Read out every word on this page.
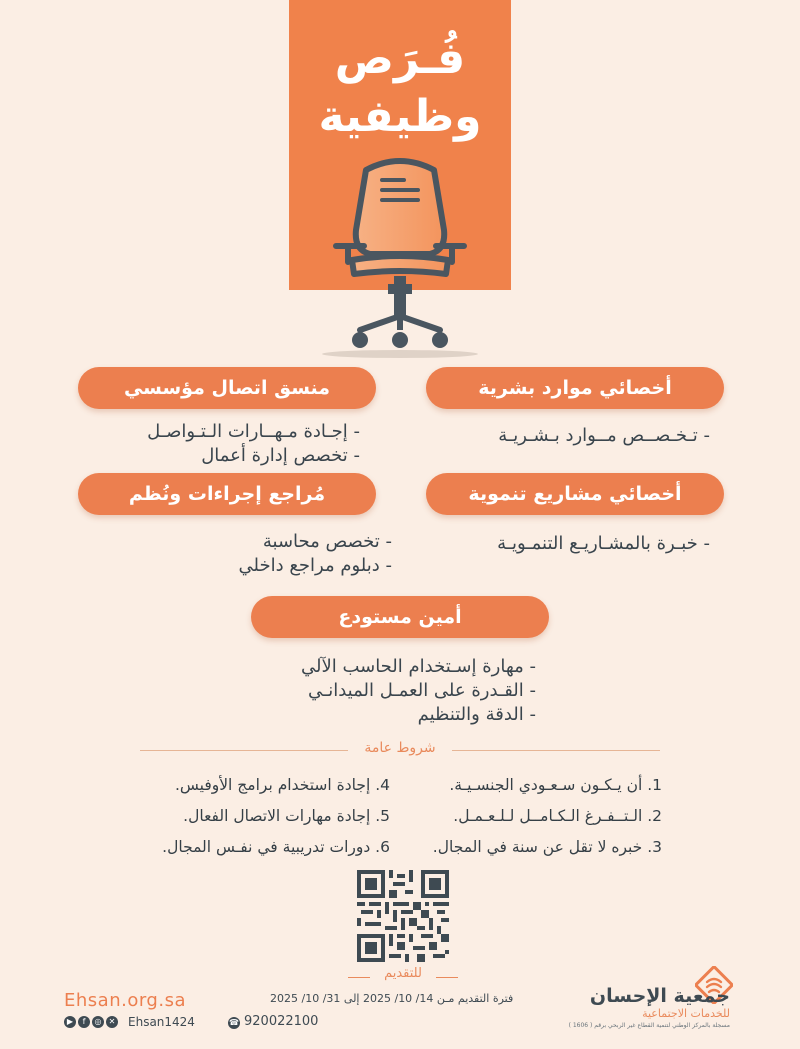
فُـرَص
وظيفية
أخصائي موارد بشرية
- تـخـصــص مــوارد بـشـريـة
منسق اتصال مؤسسي
- إجـادة مـهــارات الـتـواصـل
- تخصص إدارة أعمال
أخصائي مشاريع تنموية
- خبـرة بالمشـاريـع التنمـويـة
مُراجع إجراءات ونُظم
- تخصص محاسبة
- دبلوم مراجع داخلي
أمين مستودع
- مهارة إسـتخدام الحاسب الآلي
- القـدرة على العمـل الميدانـي
- الدقة والتنظيم
شروط عامة
1. أن يـكـون سـعـودي الجنسـيـة.
2. الـتــفـرغ الـكـامــل لـلـعـمـل.
3. خبره لا تقل عن سنة في المجال.
4. إجادة استخدام برامج الأوفيس.
5. إجادة مهارات الاتصال الفعال.
6. دورات تدريبية في نفـس المجال.
للتقديم
Ehsan.org.sa
▶	f	◎ ✕ Ehsan1424	☎ 920022100
فترة التقديم مـن 14/ 10/ 2025 إلى 31/ 10/ 2025	جمعية الإحسان
للخدمات الاجتماعية
مسجلة بالمركز الوطني لتنمية القطاع غير الربحي برقم ( 1606 )
